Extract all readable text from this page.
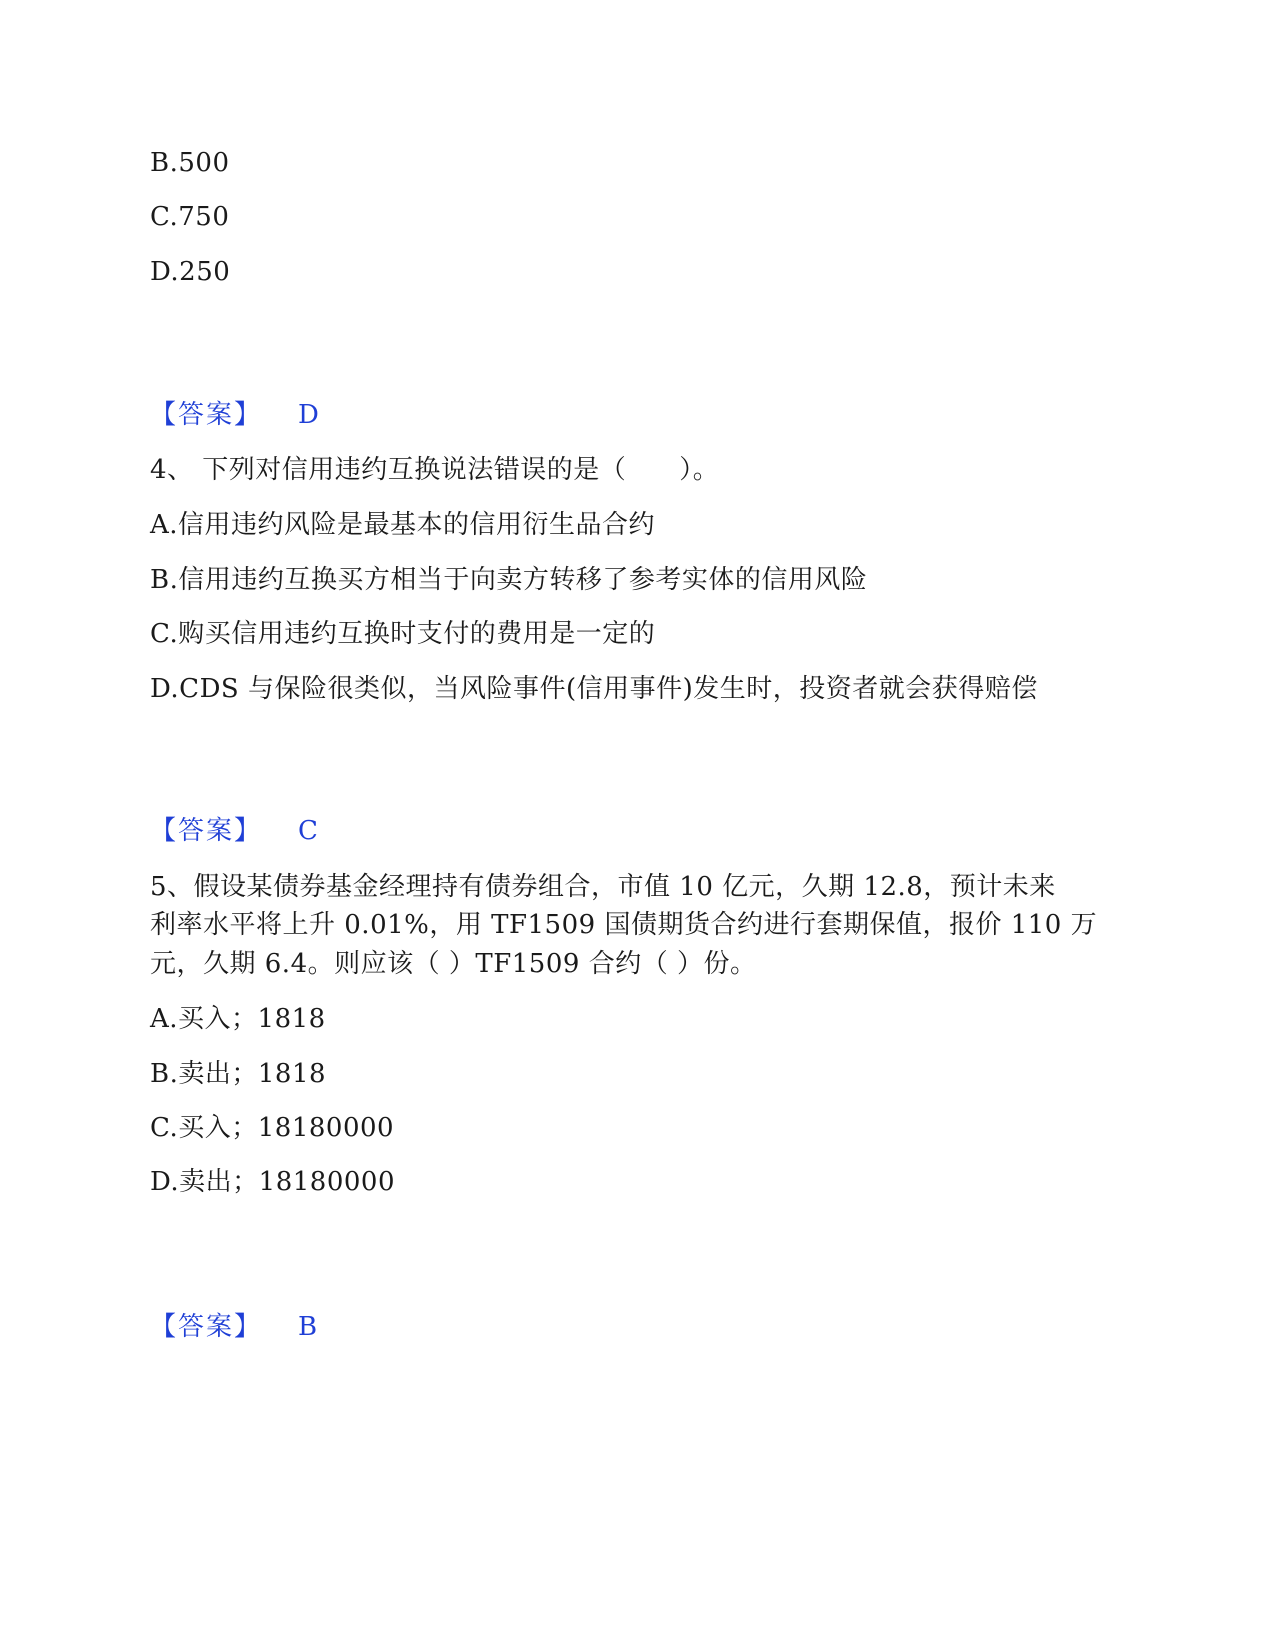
B.500
C.750
D.250
【答案】 D
4、 下列对信用违约互换说法错误的是（　　）。
A.信用违约风险是最基本的信用衍生品合约
B.信用违约互换买方相当于向卖方转移了参考实体的信用风险
C.购买信用违约互换时支付的费用是一定的
D.CDS 与保险很类似，当风险事件(信用事件)发生时，投资者就会获得赔偿
【答案】 C
5、假设某债券基金经理持有债券组合，市值 10 亿元，久期 12.8，预计未来
利率水平将上升 0.01%，用 TF1509 国债期货合约进行套期保值，报价 110 万
元，久期 6.4。则应该（ ）TF1509 合约（ ）份。
A.买入；1818
B.卖出；1818
C.买入；18180000
D.卖出；18180000
【答案】 B
